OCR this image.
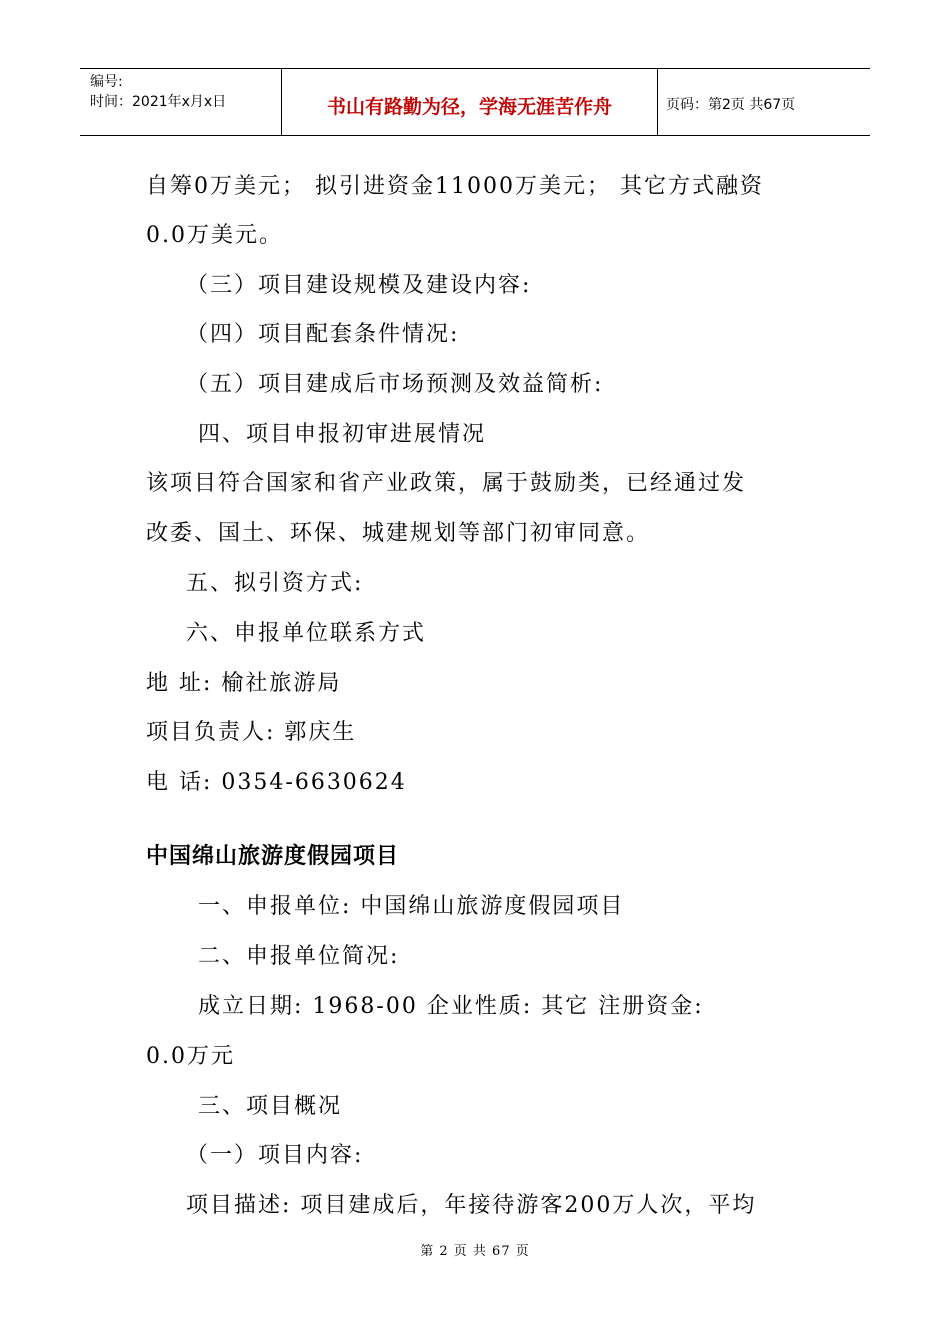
编号:
时间：2021年x月x日	书山有路勤为径，学海无涯苦作舟	页码：第2页 共67页
自筹0万美元； 拟引进资金11000万美元； 其它方式融资
0.0万美元。
（三）项目建设规模及建设内容:
（四）项目配套条件情况:
（五）项目建成后市场预测及效益简析:
四、项目申报初审进展情况
该项目符合国家和省产业政策，属于鼓励类，已经通过发
改委、国土、环保、城建规划等部门初审同意。
五、拟引资方式:
六、申报单位联系方式
地 址: 榆社旅游局
项目负责人: 郭庆生
电 话: 0354-6630624
中国绵山旅游度假园项目
一、申报单位: 中国绵山旅游度假园项目
二、申报单位简况:
成立日期: 1968-00 企业性质: 其它 注册资金:
0.0万元
三、项目概况
（一）项目内容:
项目描述: 项目建成后，年接待游客200万人次，平均
第 2 页 共 67 页
